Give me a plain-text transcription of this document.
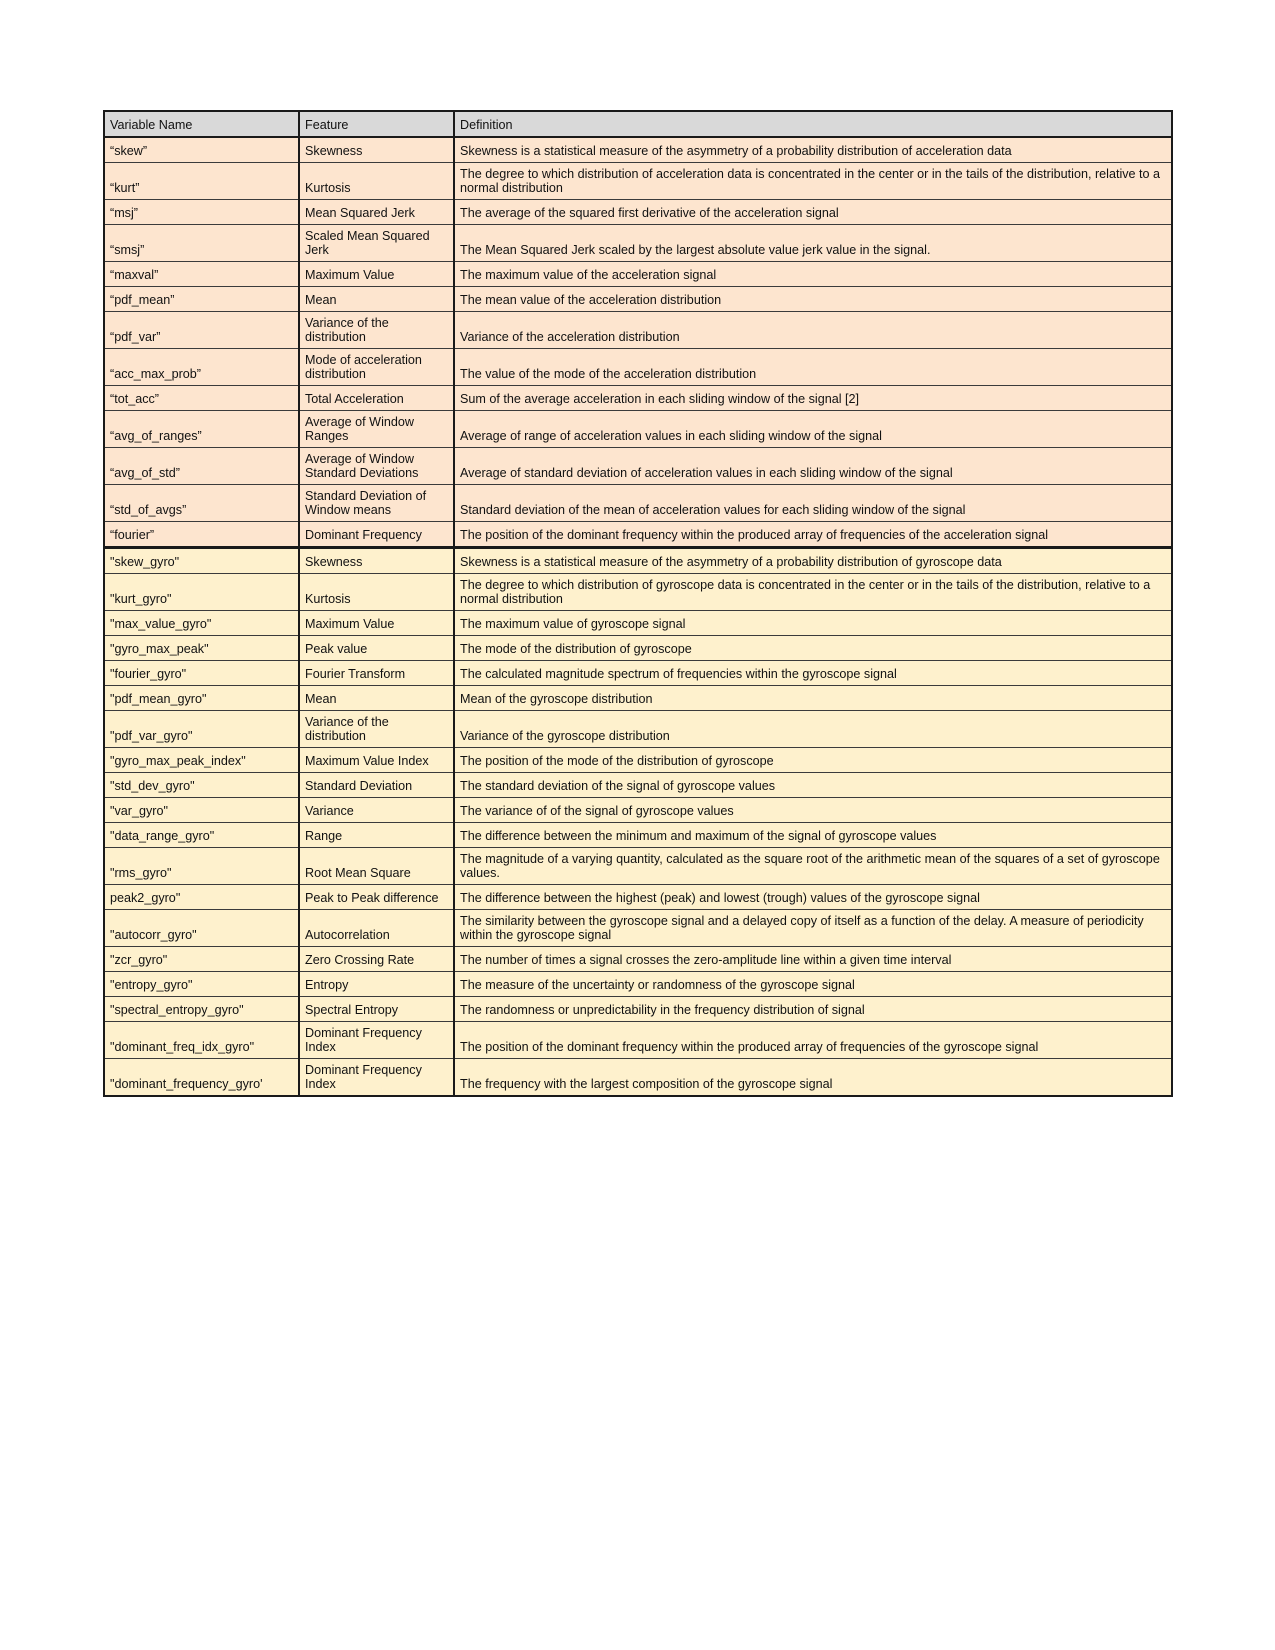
Variable Name	Feature	Definition
“skew”	Skewness	Skewness is a statistical measure of the asymmetry of a probability distribution of acceleration data
“kurt”	Kurtosis	The degree to which distribution of acceleration data is concentrated in the center or in the tails of the distribution, relative to a normal distribution
“msj”	Mean Squared Jerk	The average of the squared first derivative of the acceleration signal
“smsj”	Scaled Mean Squared Jerk	The Mean Squared Jerk scaled by the largest absolute value jerk value in the signal.
“maxval”	Maximum Value	The maximum value of the acceleration signal
“pdf_mean”	Mean	The mean value of the acceleration distribution
“pdf_var”	Variance of the distribution	Variance of the acceleration distribution
“acc_max_prob”	Mode of acceleration distribution	The value of the mode of the acceleration distribution
“tot_acc”	Total Acceleration	Sum of the average acceleration in each sliding window of the signal [2]
“avg_of_ranges”	Average of Window Ranges	Average of range of acceleration values in each sliding window of the signal
“avg_of_std”	Average of Window Standard Deviations	Average of standard deviation of acceleration values in each sliding window of the signal
“std_of_avgs”	Standard Deviation of Window means	Standard deviation of the mean of acceleration values for each sliding window of the signal
“fourier”	Dominant Frequency	The position of the dominant frequency within the produced array of frequencies of the acceleration signal
"skew_gyro"	Skewness	Skewness is a statistical measure of the asymmetry of a probability distribution of gyroscope data
"kurt_gyro"	Kurtosis	The degree to which distribution of gyroscope data is concentrated in the center or in the tails of the distribution, relative to a normal distribution
"max_value_gyro"	Maximum Value	The maximum value of gyroscope signal
"gyro_max_peak"	Peak value	The mode of the distribution of gyroscope
"fourier_gyro"	Fourier Transform	The calculated magnitude spectrum of frequencies within the gyroscope signal
"pdf_mean_gyro"	Mean	Mean of the gyroscope distribution
"pdf_var_gyro"	Variance of the distribution	Variance of the gyroscope distribution
"gyro_max_peak_index"	Maximum Value Index	The position of the mode of the distribution of gyroscope
"std_dev_gyro"	Standard Deviation	The standard deviation of the signal of gyroscope values
"var_gyro"	Variance	The variance of of the signal of gyroscope values
"data_range_gyro"	Range	The difference between the minimum and maximum of the signal of gyroscope values
"rms_gyro"	Root Mean Square	The magnitude of a varying quantity, calculated as the square root of the arithmetic mean of the squares of a set of gyroscope values.
peak2_gyro"	Peak to Peak difference	The difference between the highest (peak) and lowest (trough) values of the gyroscope signal
"autocorr_gyro"	Autocorrelation	The similarity between the gyroscope signal and a delayed copy of itself as a function of the delay. A measure of periodicity within the gyroscope signal
"zcr_gyro"	Zero Crossing Rate	The number of times a signal crosses the zero-amplitude line within a given time interval
"entropy_gyro"	Entropy	The measure of the uncertainty or randomness of the gyroscope signal
"spectral_entropy_gyro"	Spectral Entropy	The randomness or unpredictability in the frequency distribution of signal
"dominant_freq_idx_gyro"	Dominant Frequency Index	The position of the dominant frequency within the produced array of frequencies of the gyroscope signal
"dominant_frequency_gyro'	Dominant Frequency Index	The frequency with the largest composition of the gyroscope signal
